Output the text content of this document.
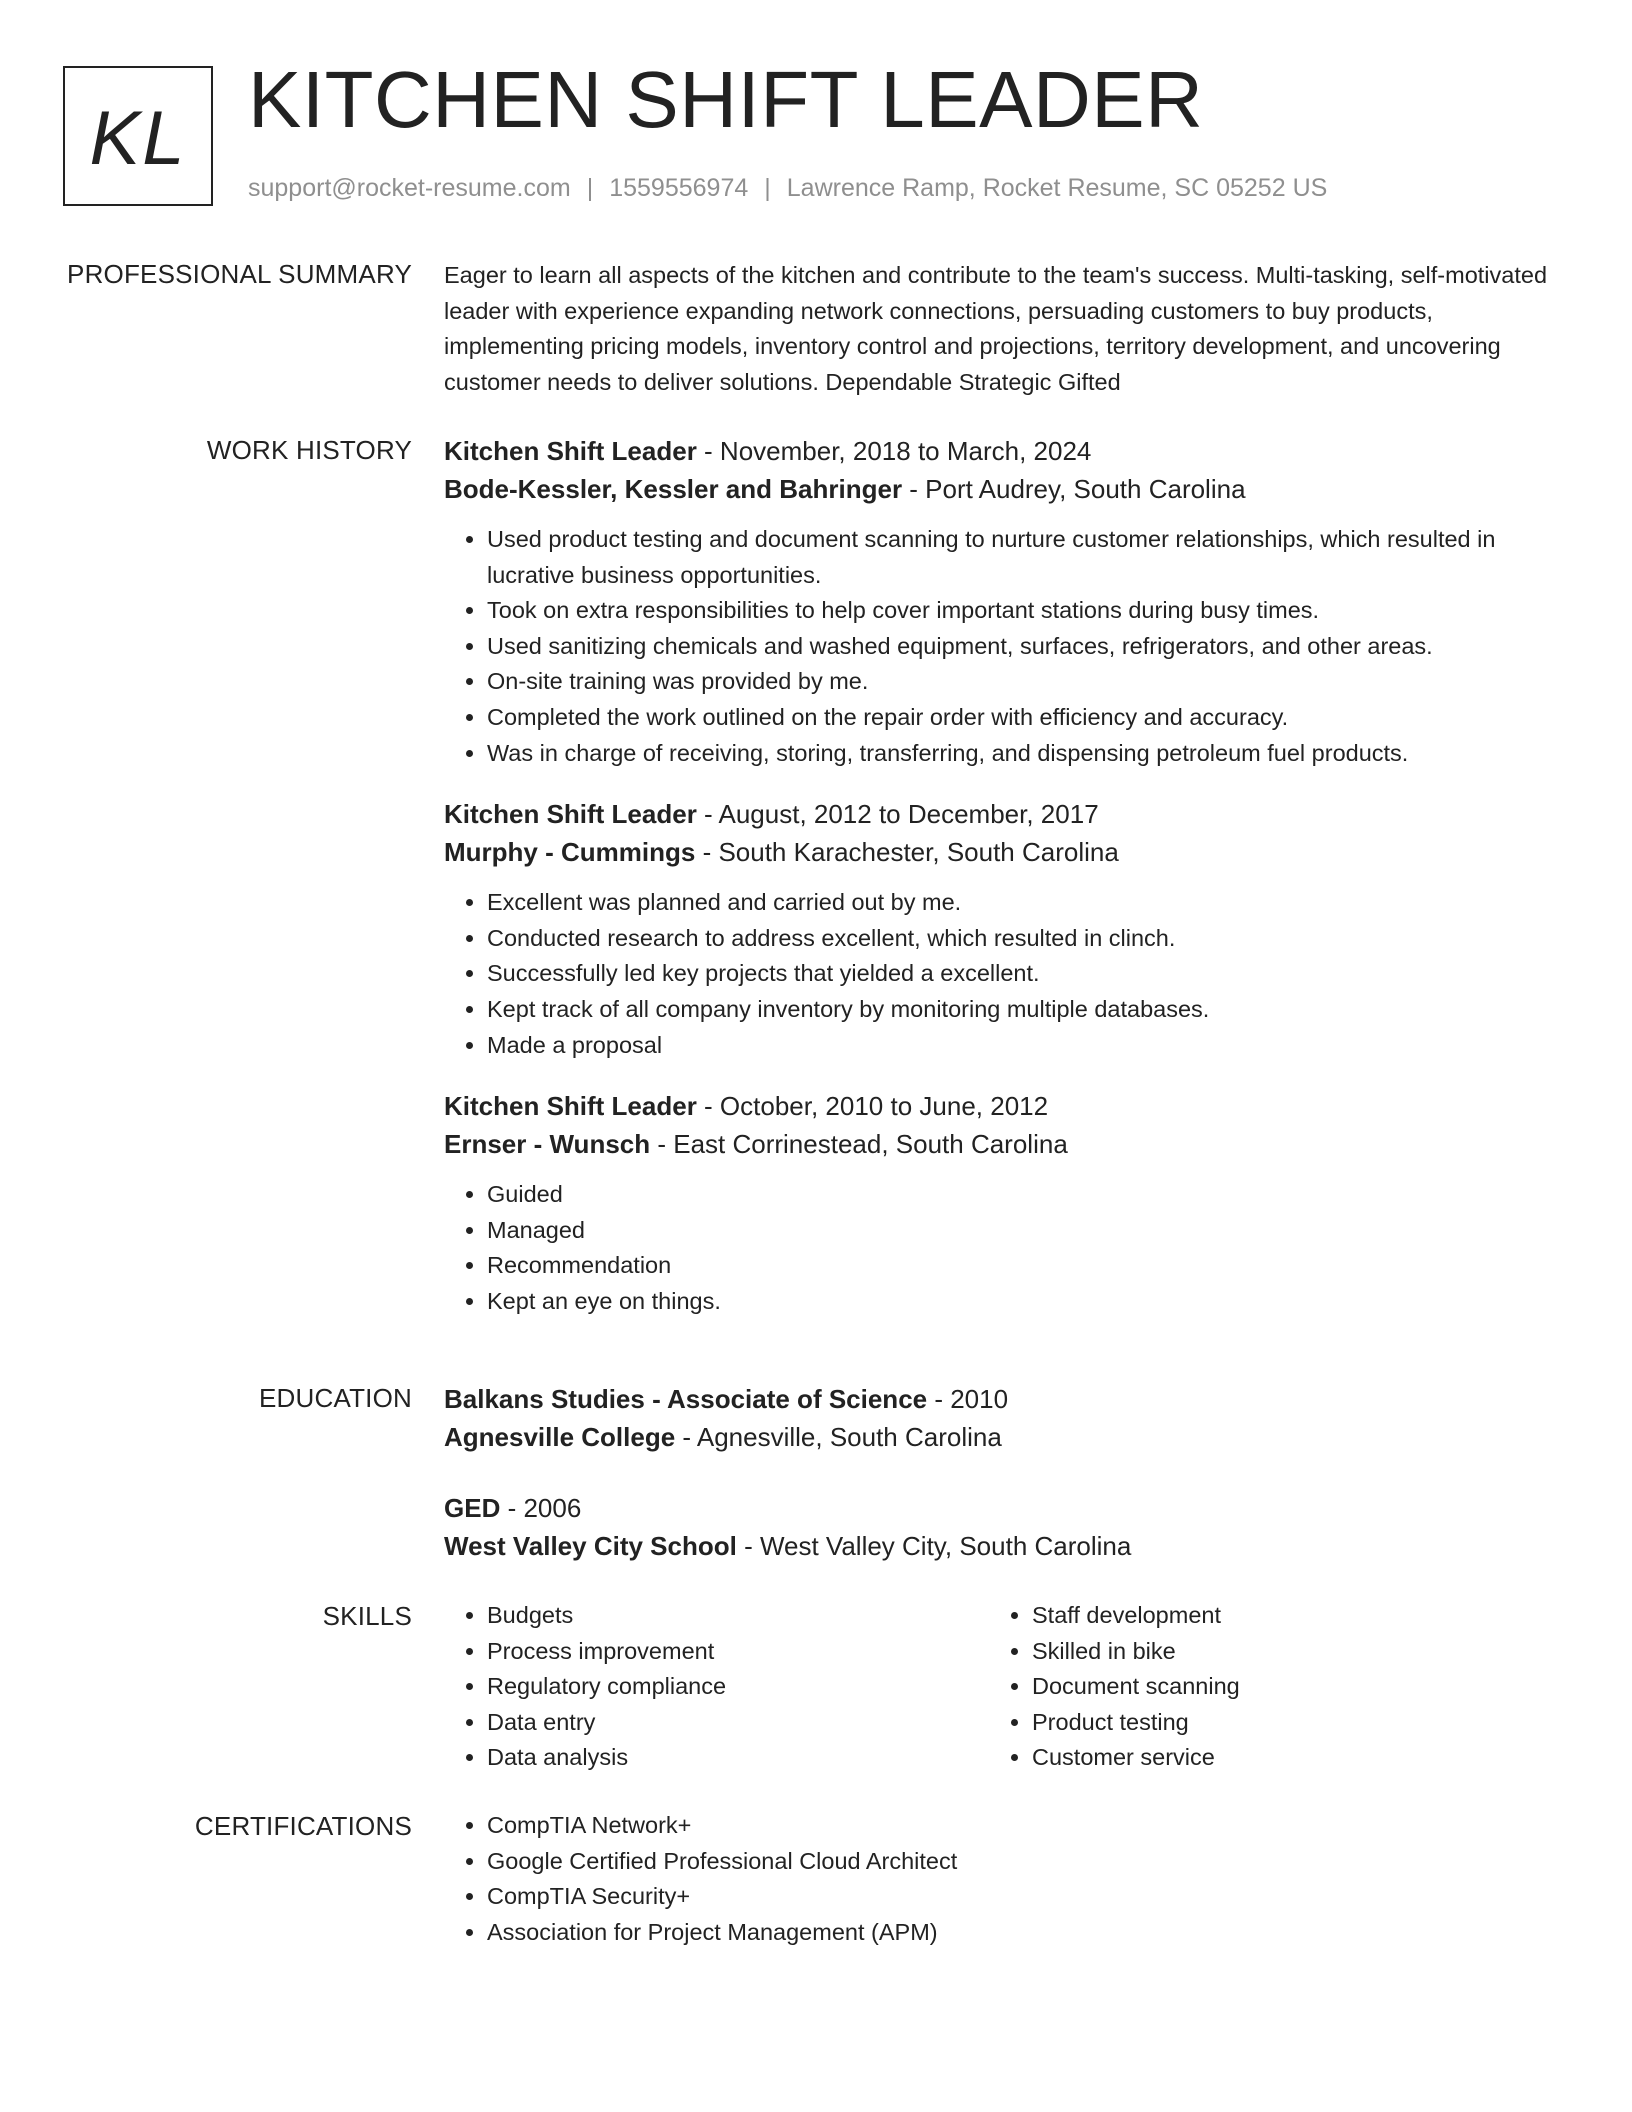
KL KITCHEN SHIFT LEADER
support@rocket-resume.com | 1559556974 | Lawrence Ramp, Rocket Resume, SC 05252 US
PROFESSIONAL SUMMARY Eager to learn all aspects of the kitchen and contribute to the team's success. Multi-tasking, self-motivated leader with experience expanding network connections, persuading customers to buy products, implementing pricing models, inventory control and projections, territory development, and uncovering customer needs to deliver solutions. Dependable Strategic Gifted

WORK HISTORY Kitchen Shift Leader - November, 2018 to March, 2024
Bode-Kessler, Kessler and Bahringer - Port Audrey, South Carolina
• Used product testing and document scanning to nurture customer relationships, which resulted in lucrative business opportunities.
• Took on extra responsibilities to help cover important stations during busy times.
• Used sanitizing chemicals and washed equipment, surfaces, refrigerators, and other areas.
• On-site training was provided by me.
• Completed the work outlined on the repair order with efficiency and accuracy.
• Was in charge of receiving, storing, transferring, and dispensing petroleum fuel products.
Kitchen Shift Leader - August, 2012 to December, 2017
Murphy - Cummings - South Karachester, South Carolina
• Excellent was planned and carried out by me.
• Conducted research to address excellent, which resulted in clinch.
• Successfully led key projects that yielded a excellent.
• Kept track of all company inventory by monitoring multiple databases.
• Made a proposal
Kitchen Shift Leader - October, 2010 to June, 2012
Ernser - Wunsch - East Corrinestead, South Carolina
• Guided
• Managed
• Recommendation
• Kept an eye on things.
EDUCATION Balkans Studies - Associate of Science - 2010
Agnesville College - Agnesville, South Carolina
GED - 2006
West Valley City School - West Valley City, South Carolina
SKILLS	• Budgets
• Process improvement
• Regulatory compliance
• Data entry
• Data analysis
• Staff development
• Skilled in bike
• Document scanning
• Product testing
• Customer service
CERTIFICATIONS	• CompTIA Network+
• Google Certified Professional Cloud Architect
• CompTIA Security+
• Association for Project Management (APM)
